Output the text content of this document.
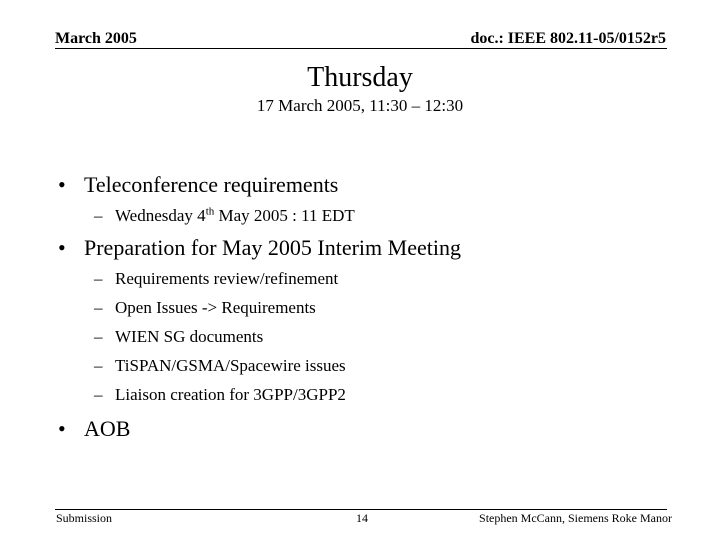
March 2005	doc.: IEEE 802.11-05/0152r5
Thursday
17 March 2005, 11:30 – 12:30
• Teleconference requirements
– Wednesday 4th May 2005 : 11 EDT
• Preparation for May 2005 Interim Meeting
– Requirements review/refinement
– Open Issues -> Requirements
– WIEN SG documents
– TiSPAN/GSMA/Spacewire issues
– Liaison creation for 3GPP/3GPP2
• AOB
Submission	14	Stephen McCann, Siemens Roke Manor
